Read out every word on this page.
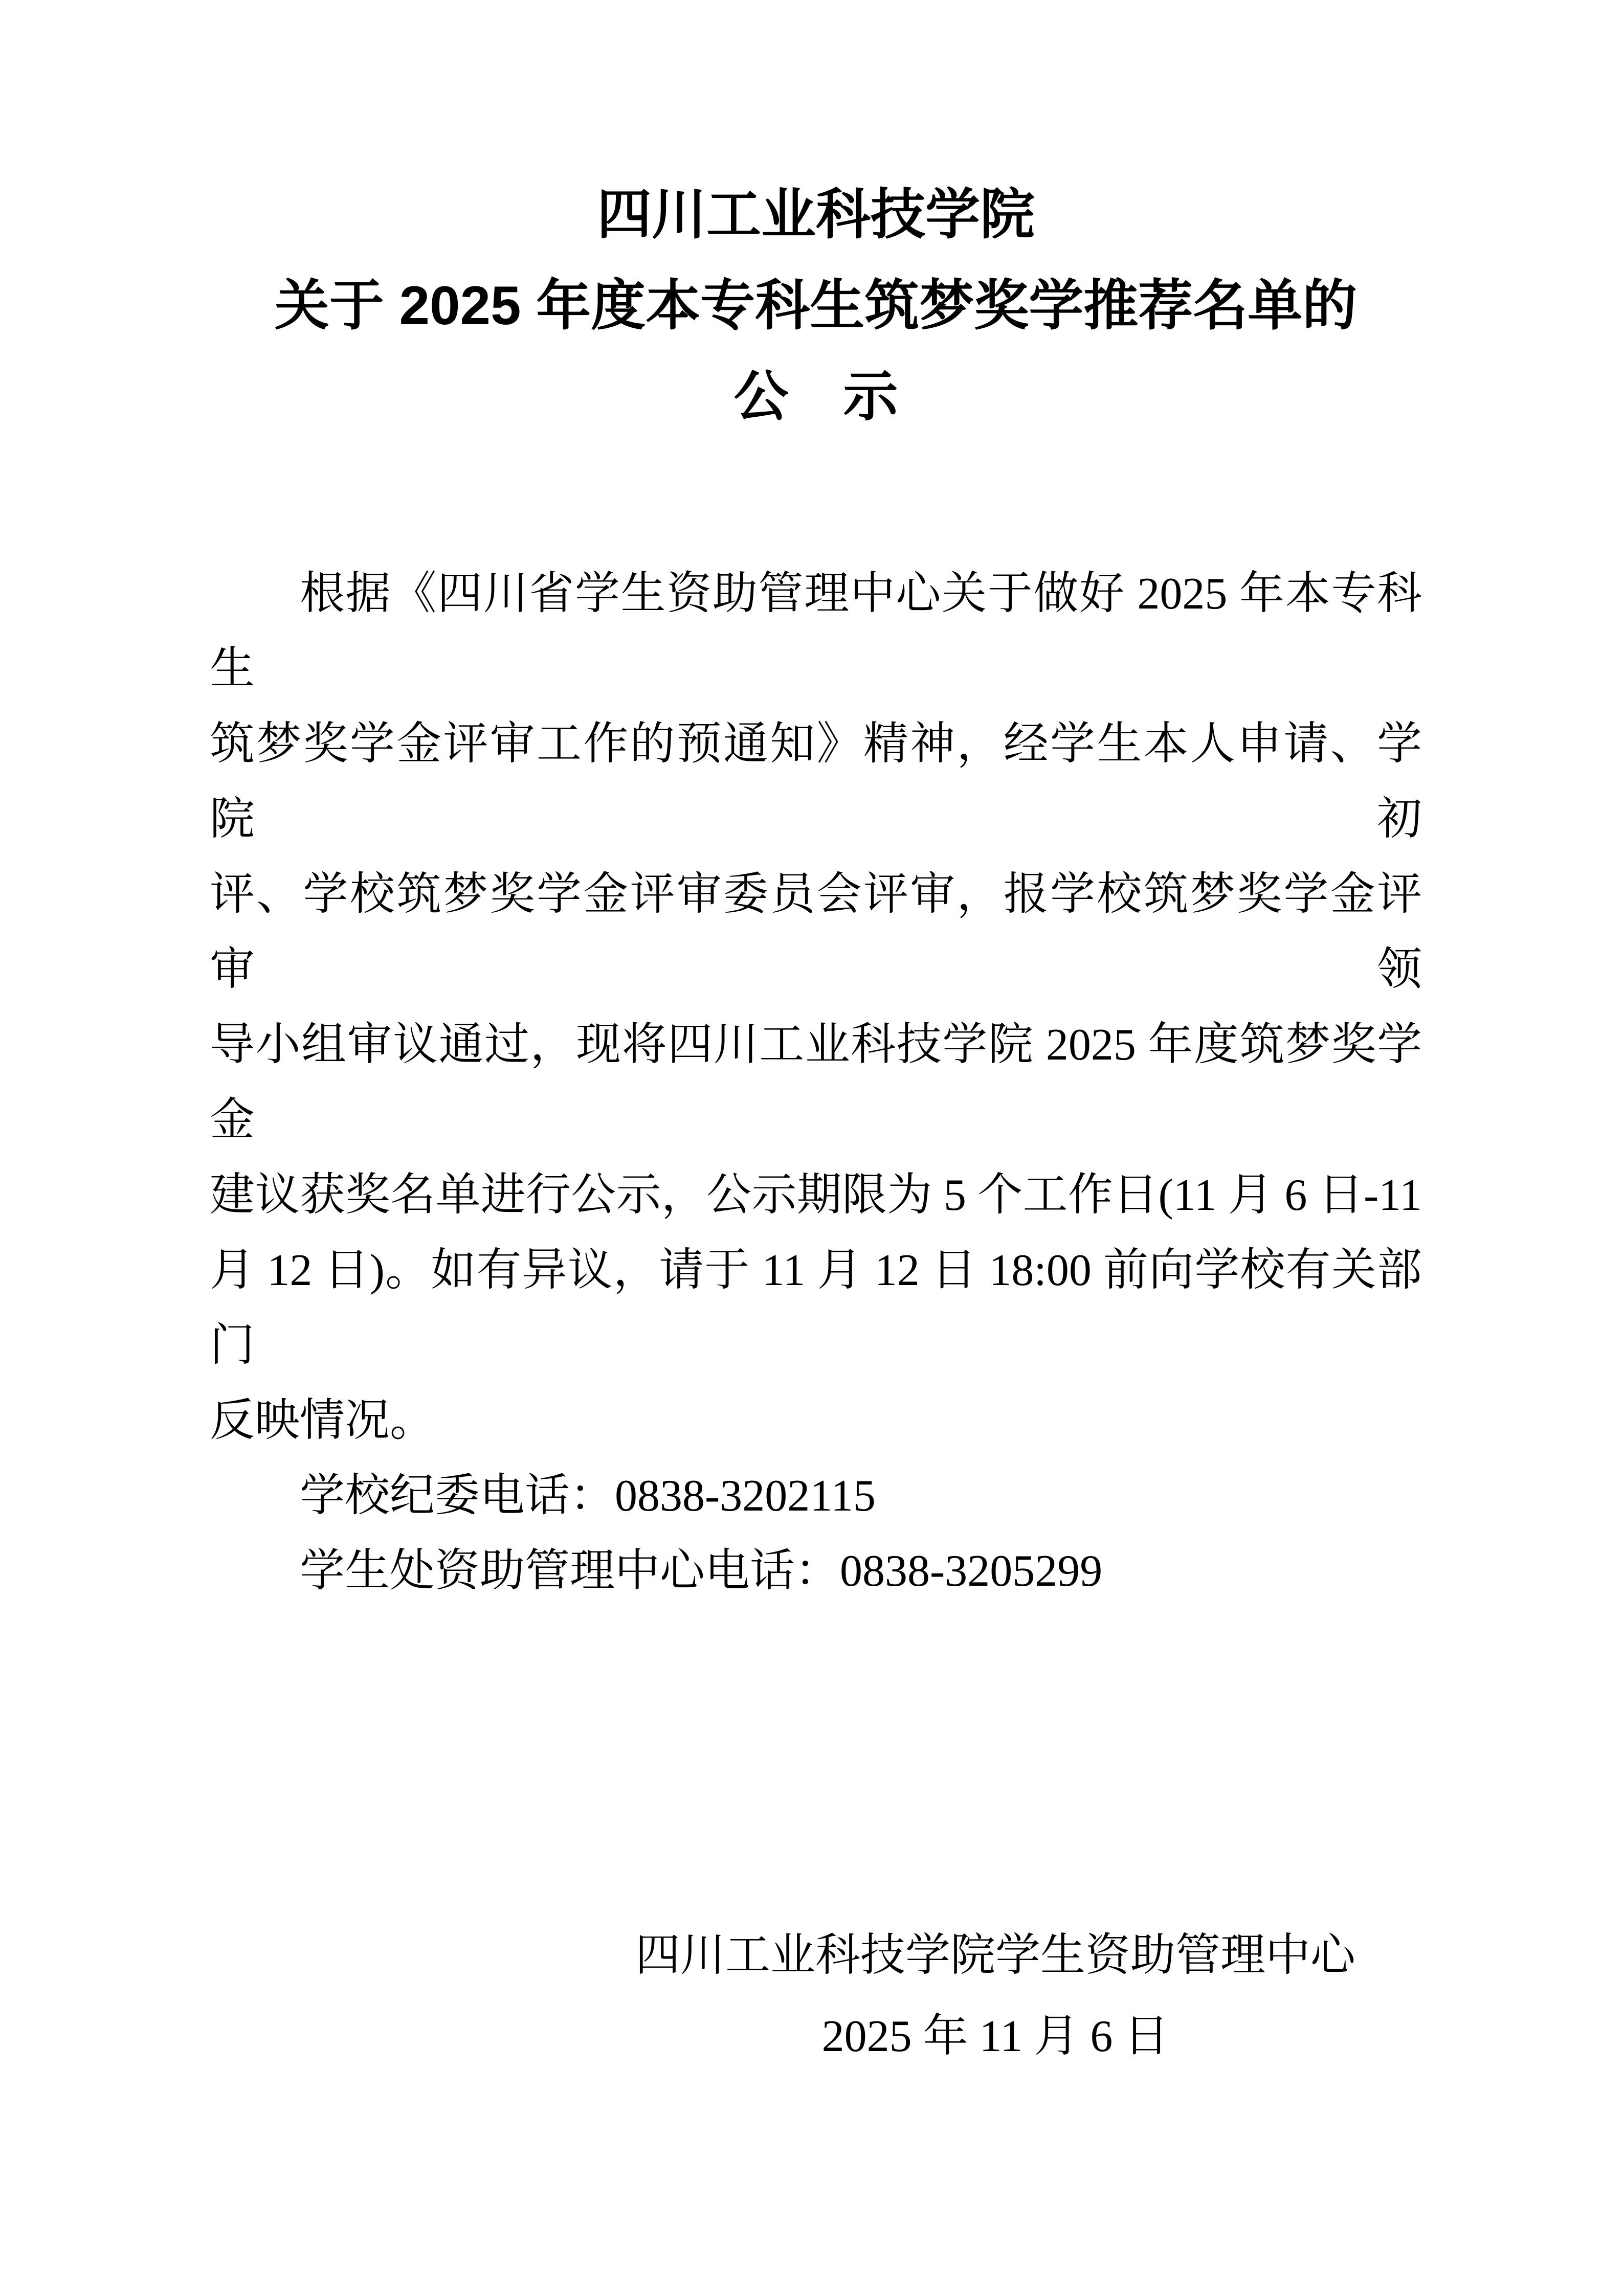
四川工业科技学院
关于 2025 年度本专科生筑梦奖学推荐名单的
公　示
根据《四川省学生资助管理中心关于做好 2025 年本专科生
筑梦奖学金评审工作的预通知》精神，经学生本人申请、学院初
评、学校筑梦奖学金评审委员会评审，报学校筑梦奖学金评审领
导小组审议通过，现将四川工业科技学院 2025 年度筑梦奖学金
建议获奖名单进行公示，公示期限为 5 个工作日(11 月 6 日-11
月 12 日)。如有异议，请于 11 月 12 日 18:00 前向学校有关部门
反映情况。
学校纪委电话：0838-3202115
学生处资助管理中心电话：0838-3205299
四川工业科技学院学生资助管理中心
2025 年 11 月 6 日
